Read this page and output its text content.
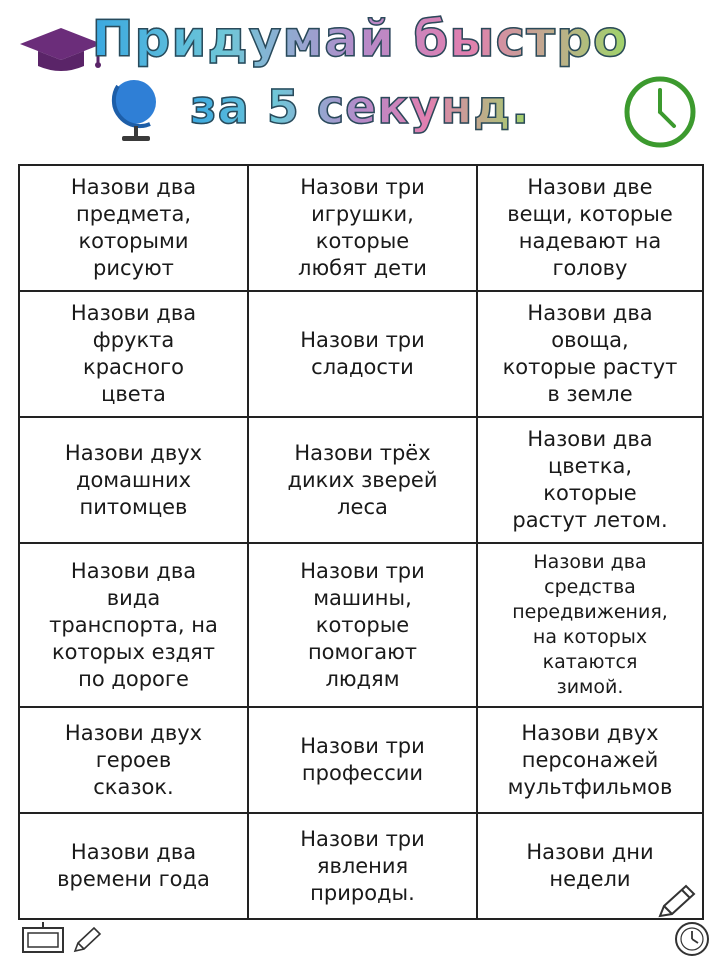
Придумай быстро
за 5 секунд.
Назови два
предмета,
которыми
рисуют
Назови три
игрушки,
которые
любят дети
Назови две
вещи, которые
надевают на
голову
Назови два
фрукта
красного
цвета
Назови три
сладости
Назови два
овоща,
которые растут
в земле
Назови двух
домашних
питомцев
Назови трёх
диких зверей
леса
Назови два
цветка,
которые
растут летом.
Назови два
вида
транспорта, на
которых ездят
по дороге
Назови три
машины,
которые
помогают
людям
Назови два
средства
передвижения,
на которых
катаются
зимой.
Назови двух
героев
сказок.
Назови три
профессии
Назови двух
персонажей
мультфильмов
Назови два
времени года
Назови три
явления
природы.
Назови дни
недели
